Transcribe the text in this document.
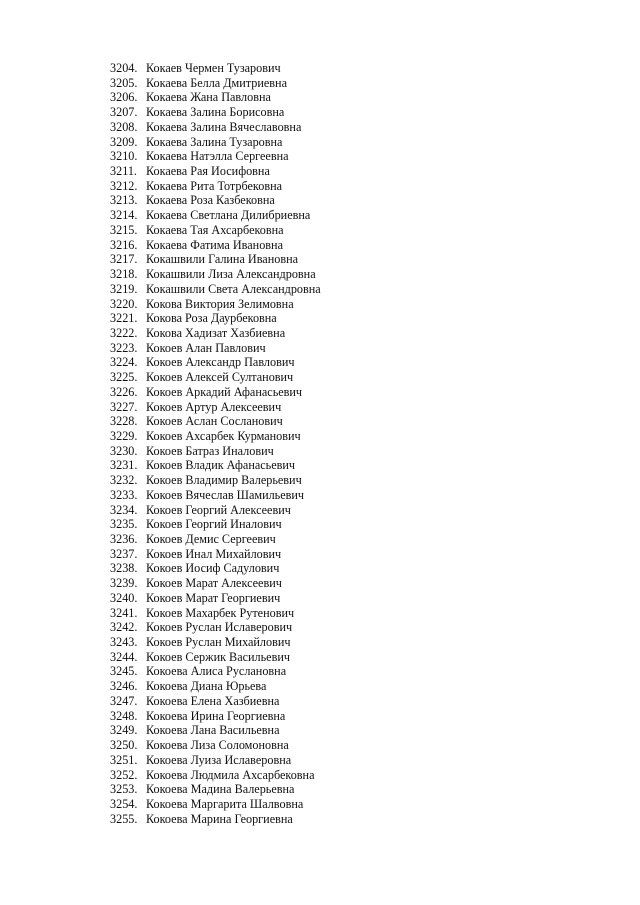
3204. Кокаев Чермен Тузарович
3205. Кокаева Белла Дмитриевна
3206. Кокаева Жана Павловна
3207. Кокаева Залина Борисовна
3208. Кокаева Залина Вячеславовна
3209. Кокаева Залина Тузаровна
3210. Кокаева Натэлла Сергеевна
3211. Кокаева Рая Иосифовна
3212. Кокаева Рита Тотрбековна
3213. Кокаева Роза Казбековна
3214. Кокаева Светлана Дилибриевна
3215. Кокаева Тая Ахсарбековна
3216. Кокаева Фатима Ивановна
3217. Кокашвили Галина Ивановна
3218. Кокашвили Лиза Александровна
3219. Кокашвили Света Александровна
3220. Кокова Виктория Зелимовна
3221. Кокова Роза Даурбековна
3222. Кокова Хадизат Хазбиевна
3223. Кокоев Алан Павлович
3224. Кокоев Александр Павлович
3225. Кокоев Алексей Султанович
3226. Кокоев Аркадий Афанасьевич
3227. Кокоев Артур Алексеевич
3228. Кокоев Аслан Сосланович
3229. Кокоев Ахсарбек Курманович
3230. Кокоев Батраз Иналович
3231. Кокоев Владик Афанасьевич
3232. Кокоев Владимир Валерьевич
3233. Кокоев Вячеслав Шамильевич
3234. Кокоев Георгий Алексеевич
3235. Кокоев Георгий Иналович
3236. Кокоев Демис Сергеевич
3237. Кокоев Инал Михайлович
3238. Кокоев Иосиф Садулович
3239. Кокоев Марат Алексеевич
3240. Кокоев Марат Георгиевич
3241. Кокоев Махарбек Рутенович
3242. Кокоев Руслан Иславерович
3243. Кокоев Руслан Михайлович
3244. Кокоев Сержик Васильевич
3245. Кокоева Алиса Руслановна
3246. Кокоева Диана Юрьева
3247. Кокоева Елена Хазбиевна
3248. Кокоева Ирина Георгиевна
3249. Кокоева Лана Васильевна
3250. Кокоева Лиза Соломоновна
3251. Кокоева Луиза Иславеровна
3252. Кокоева Людмила Ахсарбековна
3253. Кокоева Мадина Валерьевна
3254. Кокоева Маргарита Шалвовна
3255. Кокоева Марина Георгиевна
